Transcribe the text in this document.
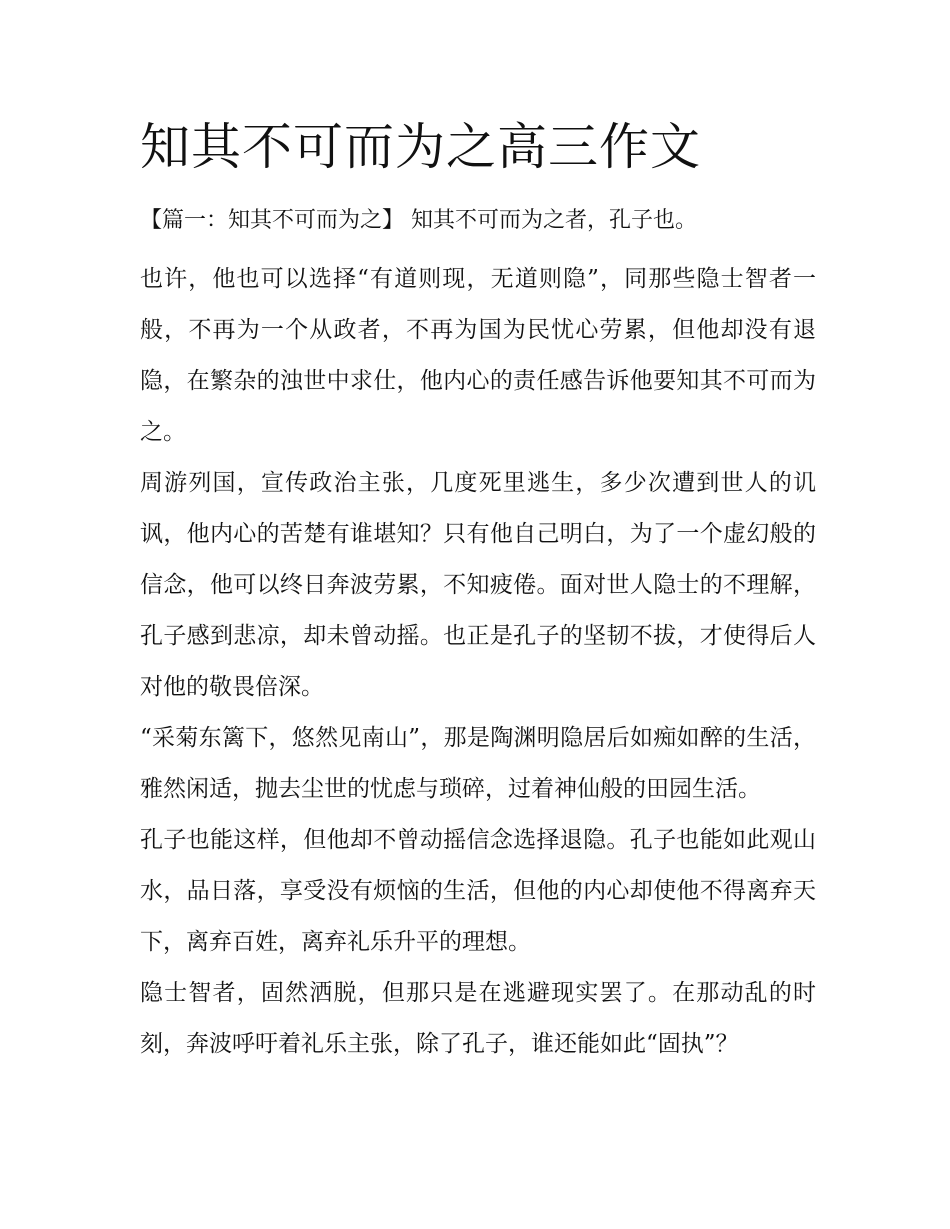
知其不可而为之高三作文

【篇一：知其不可而为之】 知其不可而为之者，孔子也。

也许，他也可以选择“有道则现，无道则隐”，同那些隐士智者一般，不再为一个从政者，不再为国为民忧心劳累，但他却没有退隐，在繁杂的浊世中求仕，他内心的责任感告诉他要知其不可而为之。

周游列国，宣传政治主张，几度死里逃生，多少次遭到世人的讥讽，他内心的苦楚有谁堪知？只有他自己明白，为了一个虚幻般的信念，他可以终日奔波劳累，不知疲倦。面对世人隐士的不理解，孔子感到悲凉，却未曾动摇。也正是孔子的坚韧不拔，才使得后人对他的敬畏倍深。

“采菊东篱下，悠然见南山”，那是陶渊明隐居后如痴如醉的生活，雅然闲适，抛去尘世的忧虑与琐碎，过着神仙般的田园生活。

孔子也能这样，但他却不曾动摇信念选择退隐。孔子也能如此观山水，品日落，享受没有烦恼的生活，但他的内心却使他不得离弃天下，离弃百姓，离弃礼乐升平的理想。

隐士智者，固然洒脱，但那只是在逃避现实罢了。在那动乱的时刻，奔波呼吁着礼乐主张，除了孔子，谁还能如此“固执”？
